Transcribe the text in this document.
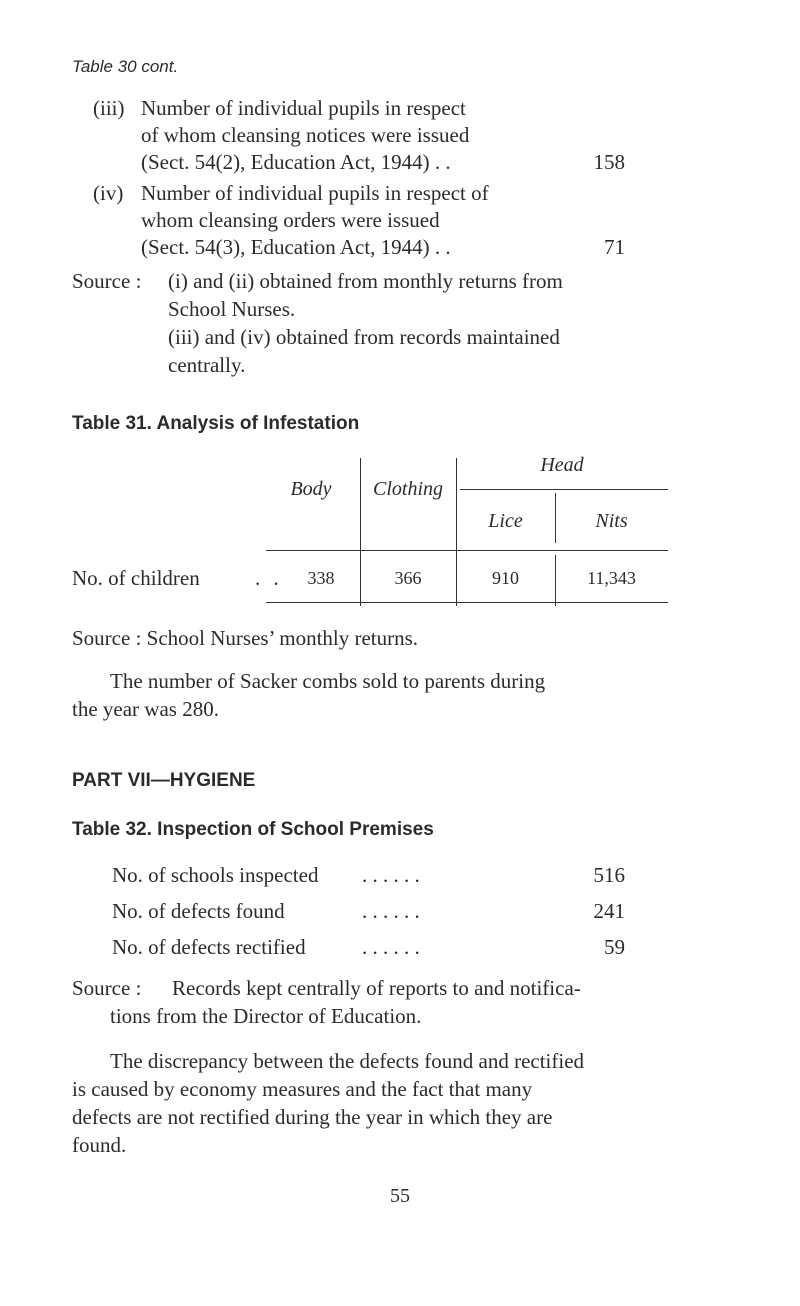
Table 30 cont.
(iii) Number of individual pupils in respect
of whom cleansing notices were issued
(Sect. 54(2), Education Act, 1944) . .	158
(iv) Number of individual pupils in respect of
whom cleansing orders were issued
(Sect. 54(3), Education Act, 1944) . .	71
Source : (i) and (ii) obtained from monthly returns from
School Nurses.
(iii) and (iv) obtained from records maintained
centrally.
Table 31. Analysis of Infestation
Body	Clothing
Head
Lice	Nits
No. of children	. .	338	366	910	11,343
Source : School Nurses’ monthly returns.
The number of Sacker combs sold to parents during
the year was 280.
PART VII—HYGIENE
Table 32. Inspection of School Premises
No. of schools inspected . . . . . .	516
No. of defects found	. . . . . .	241
No. of defects rectified	. . . . . .	59
Source : Records kept centrally of reports to and notifica-
tions from the Director of Education.
The discrepancy between the defects found and rectified
is caused by economy measures and the fact that many
defects are not rectified during the year in which they are
found.
55
